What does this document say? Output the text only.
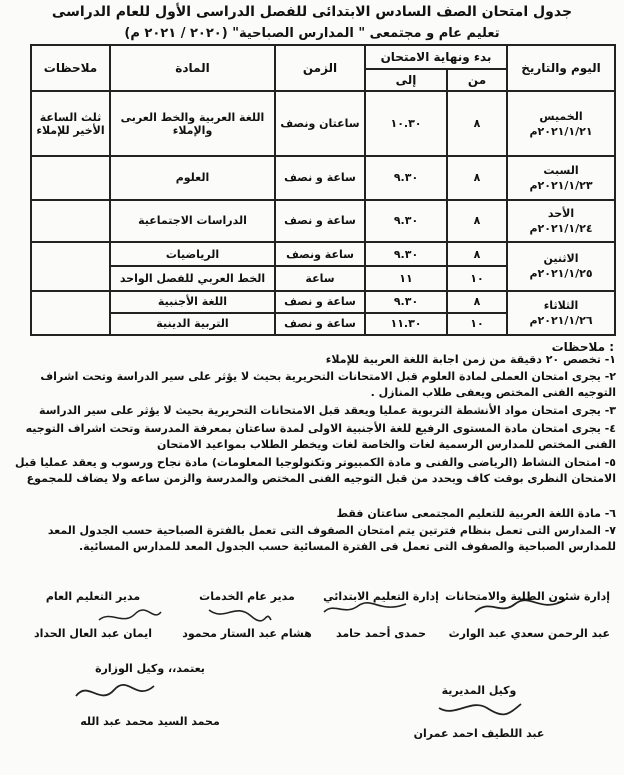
جدول امتحان الصف السادس الابتدائى للفصل الدراسى الأول للعام الدراسى
(٢٠٢٠ / ٢٠٢١ م) "تعليم عام و مجتمعى " المدارس الصباحية
اليوم والتاريخ	بدء ونهاية الامتحان		الزمن	المادة	ملاحظات
	من	إلى			

الخميس
٢٠٢١/١/٢١م	٨	١٠.٣٠	ساعتان ونصف	اللغة العربية والخط العربى والإملاء	ثلث الساعة الأخير للإملاء

السبت
٢٠٢١/١/٢٣م	٨	٩.٣٠	ساعة و نصف	العلوم	

الأحد
٢٠٢١/١/٢٤م	٨	٩.٣٠	ساعة و نصف	الدراسات الاجتماعية	

الاثنين
٢٠٢١/١/٢٥م	٨	٩.٣٠	ساعة ونصف	الرياضيات	
	١٠	١١	ساعة	الخط العربي للفصل الواحد	

الثلاثاء
٢٠٢١/١/٢٦م	٨	٩.٣٠	ساعة و نصف	اللغة الأجنبية	
	١٠	١١.٣٠	ساعة و نصف	التربية الدينية	
ملاحظات :
١- تخصص ٢٠ دقيقة من زمن اجابة اللغة العربية للإملاء
٢- يجرى امتحان العملى لمادة العلوم قبل الامتحانات التحريرية بحيث لا يؤثر على سير الدراسة وتحت اشراف التوجيه الفنى المختص ويعفى طلاب المنازل .
٣- يجرى امتحان مواد الأنشطة التربوية عمليا ويعقد قبل الامتحانات التحريرية بحيث لا يؤثر على سير الدراسة
٤- يجرى امتحان مادة المستوى الرفيع للغة الأجنبية الاولى لمدة ساعتان بمعرفة المدرسة وتحت اشراف التوجيه الفنى المختص للمدارس الرسمية لغات والخاصة لغات ويخطر الطلاب بمواعيد الامتحان
٥- امتحان النشاط (الرياضى والفنى و مادة الكمبيوتر وتكنولوجيا المعلومات) مادة نجاح ورسوب و يعقد عمليا قبل الامتحان النظرى بوقت كاف ويحدد من قبل التوجيه الفنى المختص والمدرسة والزمن ساعه ولا يضاف للمجموع
٦- مادة اللغة العربية للتعليم المجتمعى ساعتان فقط
٧- المدارس التى تعمل بنظام فترتين يتم امتحان الصفوف التى تعمل بالفترة الصباحية حسب الجدول المعد للمدارس الصباحية والصفوف التى تعمل فى الفترة المسائية حسب الجدول المعد للمدارس المسائية.
إدارة شئون الطلبة والامتحانات
عبد الرحمن سعدي عبد الوارث
إدارة التعليم الابتدائي
حمدى أحمد حامد
مدير عام الخدمات
هشام عبد الستار محمود
مدير التعليم العام
ايمان عبد العال الحداد
يعتمد،، وكيل الوزارة
محمد السيد محمد عبد الله
وكيل المديرية
عبد اللطيف احمد عمران
